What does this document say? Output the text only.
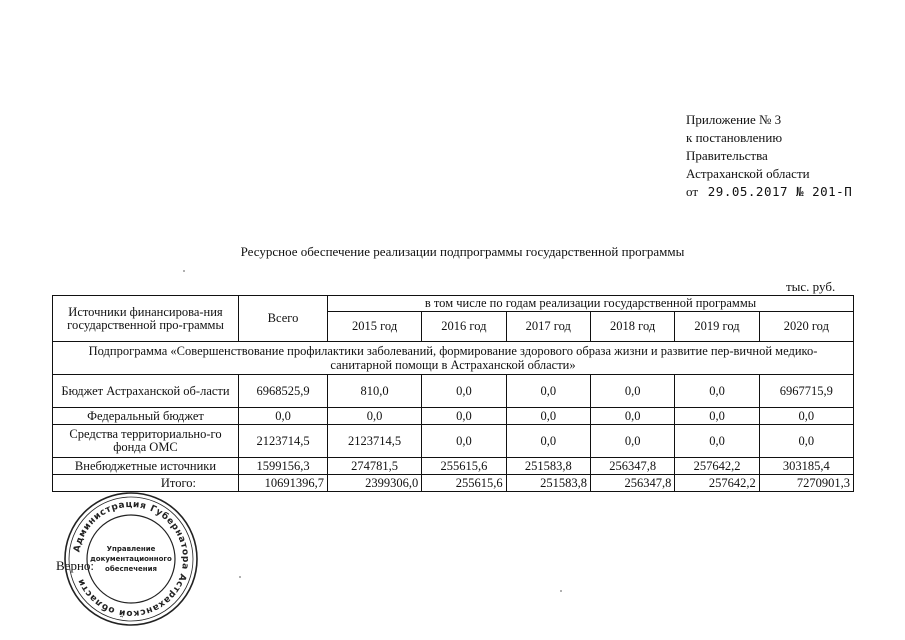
Приложение № 3
к постановлению
Правительства
Астраханской области
от 29.05.2017 № 201-П
Ресурсное обеспечение реализации подпрограммы государственной программы
тыс. руб.
Источники финансирова-ния государственной про-граммы	Всего	в том числе по годам реализации государственной программы					
		2015 год	2016 год	2017 год	2018 год	2019 год	2020 год
Подпрограмма «Совершенствование профилактики заболеваний, формирование здорового образа жизни и развитие пер-вичной медико-санитарной помощи в Астраханской области»							
Бюджет Астраханской об-ласти	6968525,9	810,0	0,0	0,0	0,0	0,0	6967715,9
Федеральный бюджет	0,0	0,0	0,0	0,0	0,0	0,0	0,0
Средства территориально-го фонда ОМС	2123714,5	2123714,5	0,0	0,0	0,0	0,0	0,0
Внебюджетные источники	1599156,3	274781,5	255615,6	251583,8	256347,8	257642,2	303185,4
Итого:	10691396,7	2399306,0	255615,6	251583,8	256347,8	257642,2	7270901,3
Верно:
Администрация Губернатора Астраханской области
Управление
документационного
обеспечения
